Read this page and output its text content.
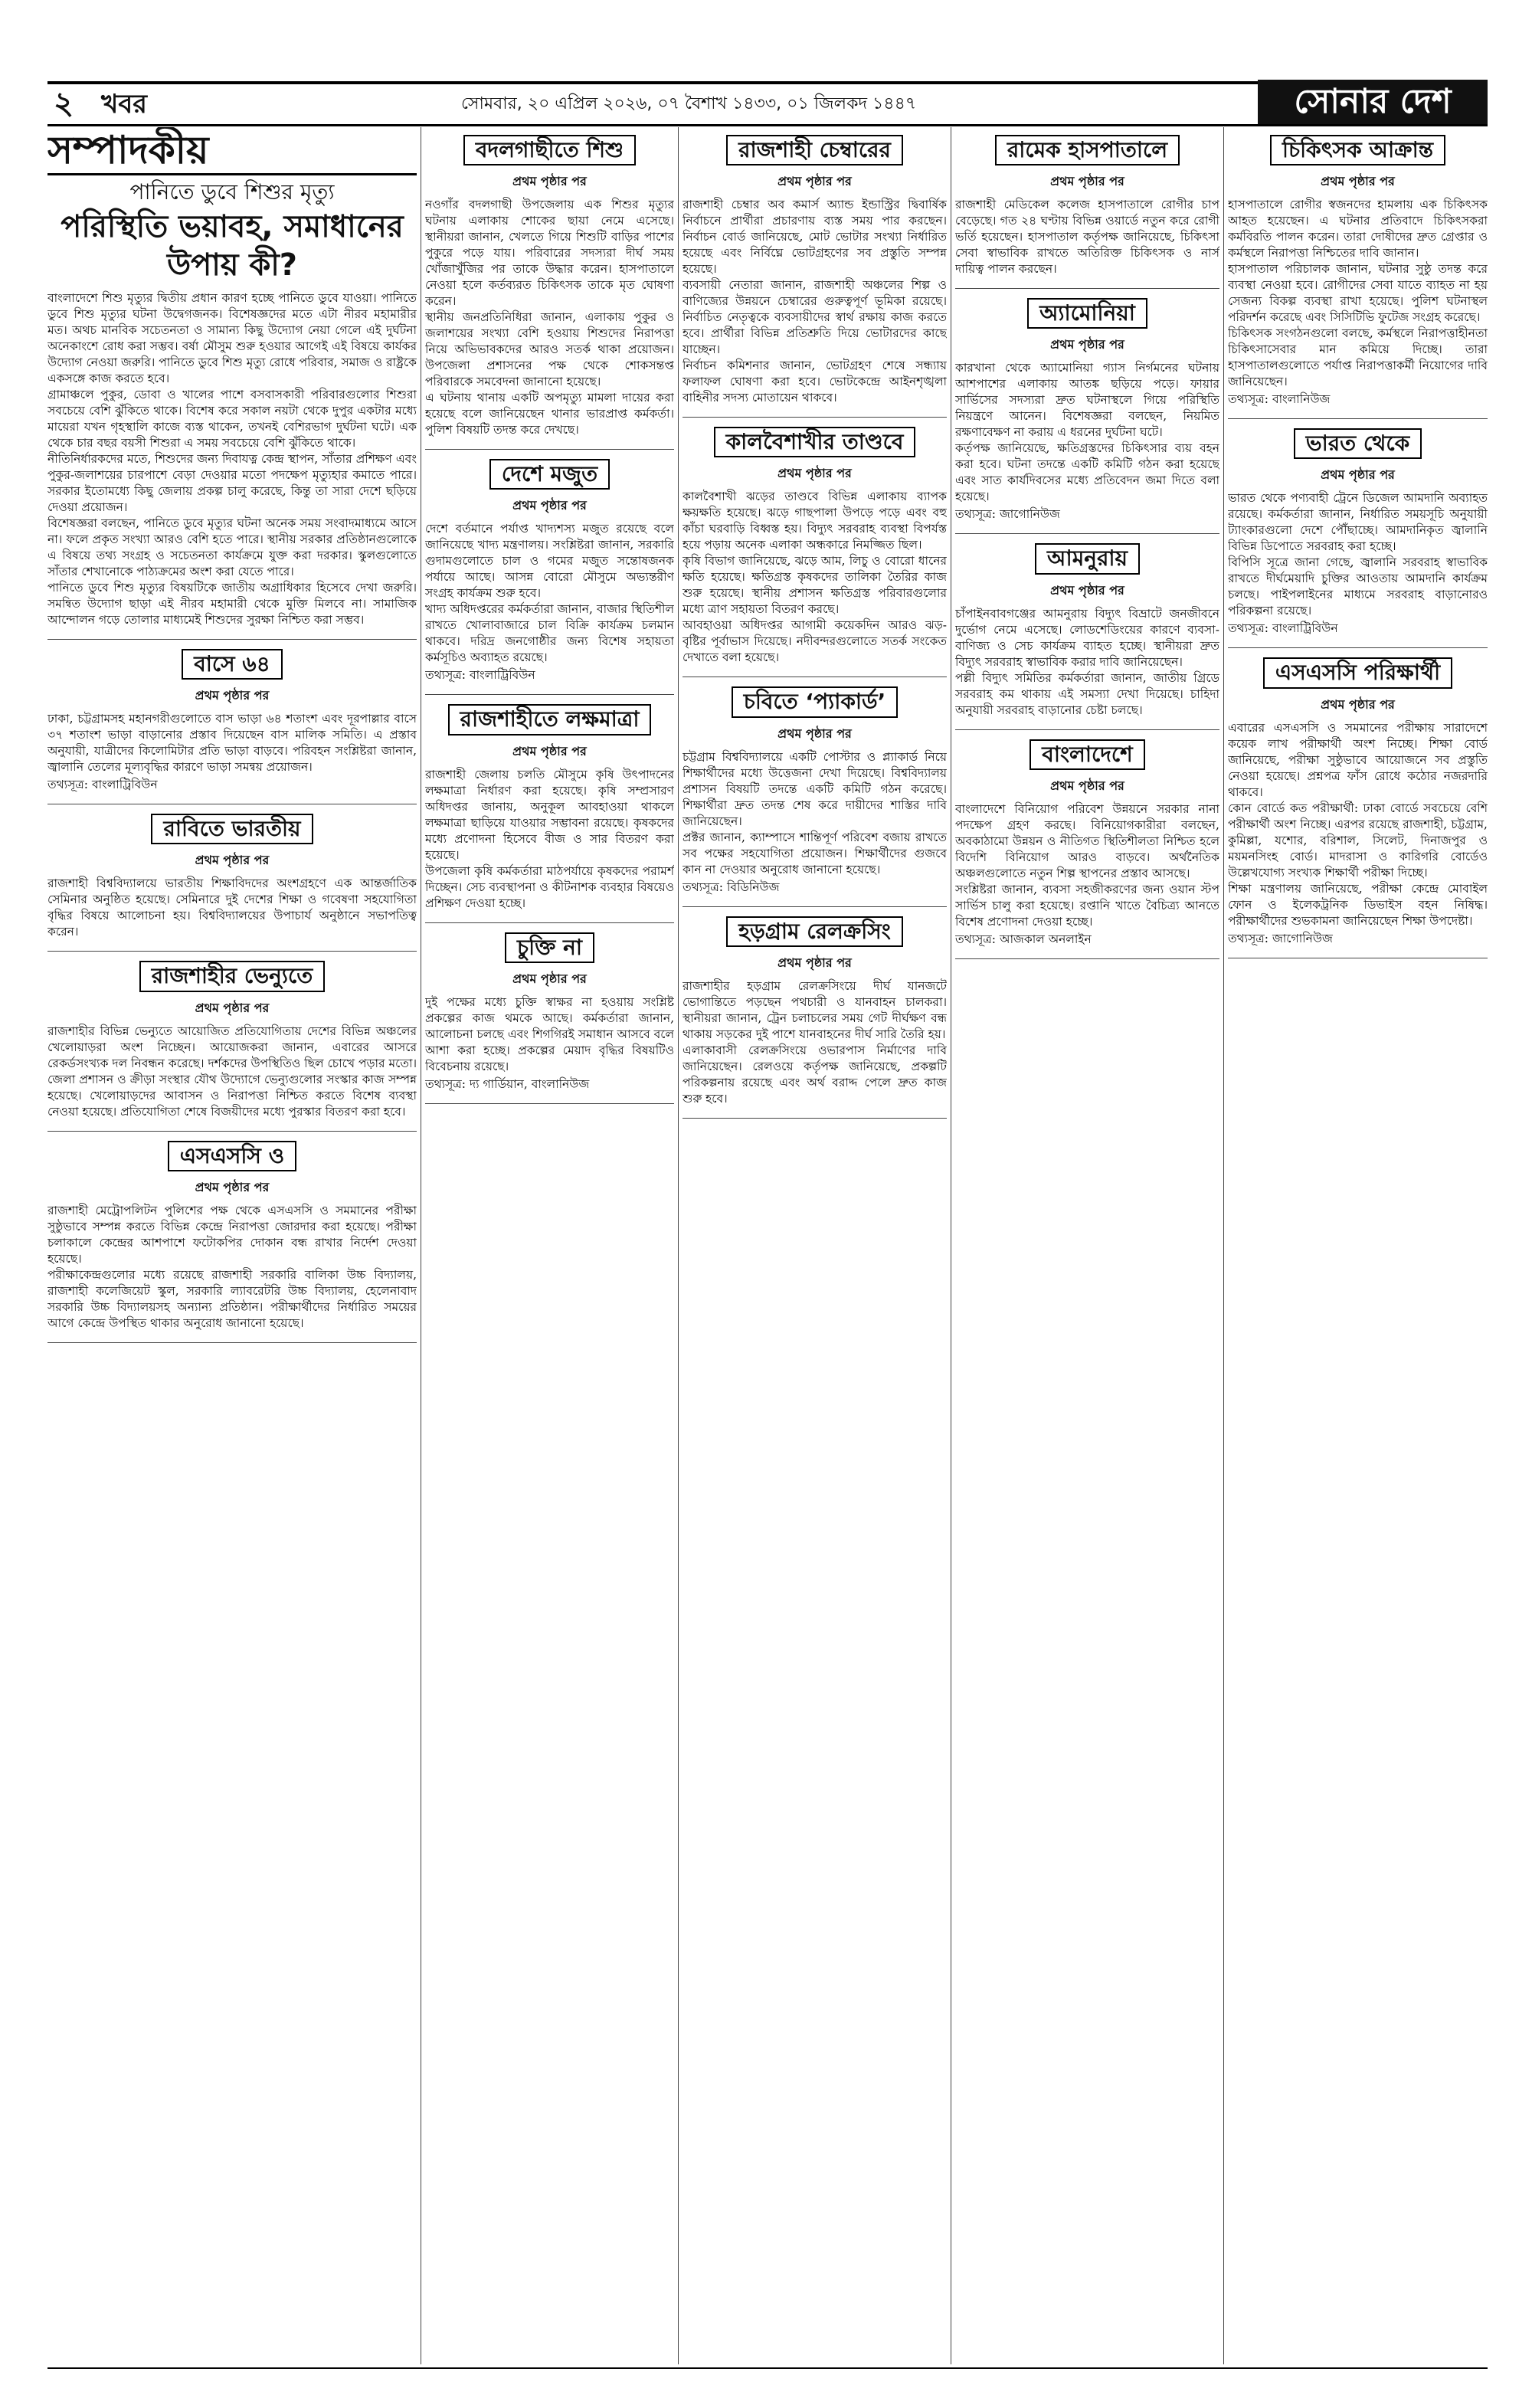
২ খবর	সোমবার, ২০ এপ্রিল ২০২৬, ০৭ বৈশাখ ১৪৩৩, ০১ জিলকদ ১৪৪৭	সোনার দেশ
সম্পাদকীয়
পানিতে ডুবে শিশুর মৃত্যু
পরিস্থিতি ভয়াবহ, সমাধানের উপায় কী?

বাংলাদেশে শিশু মৃত্যুর দ্বিতীয় প্রধান কারণ হচ্ছে পানিতে ডুবে যাওয়া। পানিতে ডুবে শিশু মৃত্যুর ঘটনা উদ্বেগজনক। বিশেষজ্ঞদের মতে এটা নীরব মহামারীর মত। অথচ মানবিক সচেতনতা ও সামান্য কিছু উদ্যোগ নেয়া গেলে এই দুর্ঘটনা অনেকাংশে রোধ করা সম্ভব। বর্ষা মৌসুম শুরু হওয়ার আগেই এই বিষয়ে কার্যকর উদ্যোগ নেওয়া জরুরি। পানিতে ডুবে শিশু মৃত্যু রোধে পরিবার, সমাজ ও রাষ্ট্রকে একসঙ্গে কাজ করতে হবে।

গ্রামাঞ্চলে পুকুর, ডোবা ও খালের পাশে বসবাসকারী পরিবারগুলোর শিশুরা সবচেয়ে বেশি ঝুঁকিতে থাকে। বিশেষ করে সকাল নয়টা থেকে দুপুর একটার মধ্যে মায়েরা যখন গৃহস্থালি কাজে ব্যস্ত থাকেন, তখনই বেশিরভাগ দুর্ঘটনা ঘটে। এক থেকে চার বছর বয়সী শিশুরা এ সময় সবচেয়ে বেশি ঝুঁকিতে থাকে।

নীতিনির্ধারকদের মতে, শিশুদের জন্য দিবাযত্ন কেন্দ্র স্থাপন, সাঁতার প্রশিক্ষণ এবং পুকুর-জলাশয়ের চারপাশে বেড়া দেওয়ার মতো পদক্ষেপ মৃত্যুহার কমাতে পারে। সরকার ইতোমধ্যে কিছু জেলায় প্রকল্প চালু করেছে, কিন্তু তা সারা দেশে ছড়িয়ে দেওয়া প্রয়োজন।

বিশেষজ্ঞরা বলছেন, পানিতে ডুবে মৃত্যুর ঘটনা অনেক সময় সংবাদমাধ্যমে আসে না। ফলে প্রকৃত সংখ্যা আরও বেশি হতে পারে। স্থানীয় সরকার প্রতিষ্ঠানগুলোকে এ বিষয়ে তথ্য সংগ্রহ ও সচেতনতা কার্যক্রমে যুক্ত করা দরকার। স্কুলগুলোতে সাঁতার শেখানোকে পাঠ্যক্রমের অংশ করা যেতে পারে।

পানিতে ডুবে শিশু মৃত্যুর বিষয়টিকে জাতীয় অগ্রাধিকার হিসেবে দেখা জরুরি। সমন্বিত উদ্যোগ ছাড়া এই নীরব মহামারী থেকে মুক্তি মিলবে না। সামাজিক আন্দোলন গড়ে তোলার মাধ্যমেই শিশুদের সুরক্ষা নিশ্চিত করা সম্ভব।

বাসে ৬৪
প্রথম পৃষ্ঠার পর

ঢাকা, চট্টগ্রামসহ মহানগরীগুলোতে বাস ভাড়া ৬৪ শতাংশ এবং দূরপাল্লার বাসে ৩৭ শতাংশ ভাড়া বাড়ানোর প্রস্তাব দিয়েছেন বাস মালিক সমিতি। এ প্রস্তাব অনুযায়ী, যাত্রীদের কিলোমিটার প্রতি ভাড়া বাড়বে। পরিবহন সংশ্লিষ্টরা জানান, জ্বালানি তেলের মূল্যবৃদ্ধির কারণে ভাড়া সমন্বয় প্রয়োজন।

তথ্যসূত্র: বাংলাট্রিবিউন

রাবিতে ভারতীয়
প্রথম পৃষ্ঠার পর

রাজশাহী বিশ্ববিদ্যালয়ে ভারতীয় শিক্ষাবিদদের অংশগ্রহণে এক আন্তর্জাতিক সেমিনার অনুষ্ঠিত হয়েছে। সেমিনারে দুই দেশের শিক্ষা ও গবেষণা সহযোগিতা বৃদ্ধির বিষয়ে আলোচনা হয়। বিশ্ববিদ্যালয়ের উপাচার্য অনুষ্ঠানে সভাপতিত্ব করেন।

রাজশাহীর ভেন্যুতে
প্রথম পৃষ্ঠার পর

রাজশাহীর বিভিন্ন ভেন্যুতে আয়োজিত প্রতিযোগিতায় দেশের বিভিন্ন অঞ্চলের খেলোয়াড়রা অংশ নিচ্ছেন। আয়োজকরা জানান, এবারের আসরে রেকর্ডসংখ্যক দল নিবন্ধন করেছে। দর্শকদের উপস্থিতিও ছিল চোখে পড়ার মতো।

জেলা প্রশাসন ও ক্রীড়া সংস্থার যৌথ উদ্যোগে ভেন্যুগুলোর সংস্কার কাজ সম্পন্ন হয়েছে। খেলোয়াড়দের আবাসন ও নিরাপত্তা নিশ্চিত করতে বিশেষ ব্যবস্থা নেওয়া হয়েছে। প্রতিযোগিতা শেষে বিজয়ীদের মধ্যে পুরস্কার বিতরণ করা হবে।

এসএসসি ও
প্রথম পৃষ্ঠার পর

রাজশাহী মেট্রোপলিটন পুলিশের পক্ষ থেকে এসএসসি ও সমমানের পরীক্ষা সুষ্ঠুভাবে সম্পন্ন করতে বিভিন্ন কেন্দ্রে নিরাপত্তা জোরদার করা হয়েছে। পরীক্ষা চলাকালে কেন্দ্রের আশপাশে ফটোকপির দোকান বন্ধ রাখার নির্দেশ দেওয়া হয়েছে।

পরীক্ষাকেন্দ্রগুলোর মধ্যে রয়েছে রাজশাহী সরকারি বালিকা উচ্চ বিদ্যালয়, রাজশাহী কলেজিয়েট স্কুল, সরকারি ল্যাবরেটরি উচ্চ বিদ্যালয়, হেলেনাবাদ সরকারি উচ্চ বিদ্যালয়সহ অন্যান্য প্রতিষ্ঠান। পরীক্ষার্থীদের নির্ধারিত সময়ের আগে কেন্দ্রে উপস্থিত থাকার অনুরোধ জানানো হয়েছে।

বদলগাছীতে শিশু
প্রথম পৃষ্ঠার পর

নওগাঁর বদলগাছী উপজেলায় এক শিশুর মৃত্যুর ঘটনায় এলাকায় শোকের ছায়া নেমে এসেছে। স্থানীয়রা জানান, খেলতে গিয়ে শিশুটি বাড়ির পাশের পুকুরে পড়ে যায়। পরিবারের সদস্যরা দীর্ঘ সময় খোঁজাখুঁজির পর তাকে উদ্ধার করেন। হাসপাতালে নেওয়া হলে কর্তব্যরত চিকিৎসক তাকে মৃত ঘোষণা করেন।

স্থানীয় জনপ্রতিনিধিরা জানান, এলাকায় পুকুর ও জলাশয়ের সংখ্যা বেশি হওয়ায় শিশুদের নিরাপত্তা নিয়ে অভিভাবকদের আরও সতর্ক থাকা প্রয়োজন। উপজেলা প্রশাসনের পক্ষ থেকে শোকসন্তপ্ত পরিবারকে সমবেদনা জানানো হয়েছে।

এ ঘটনায় থানায় একটি অপমৃত্যু মামলা দায়ের করা হয়েছে বলে জানিয়েছেন থানার ভারপ্রাপ্ত কর্মকর্তা। পুলিশ বিষয়টি তদন্ত করে দেখছে।

দেশে মজুত
প্রথম পৃষ্ঠার পর

দেশে বর্তমানে পর্যাপ্ত খাদ্যশস্য মজুত রয়েছে বলে জানিয়েছে খাদ্য মন্ত্রণালয়। সংশ্লিষ্টরা জানান, সরকারি গুদামগুলোতে চাল ও গমের মজুত সন্তোষজনক পর্যায়ে আছে। আসন্ন বোরো মৌসুমে অভ্যন্তরীণ সংগ্রহ কার্যক্রম শুরু হবে।

খাদ্য অধিদপ্তরের কর্মকর্তারা জানান, বাজার স্থিতিশীল রাখতে খোলাবাজারে চাল বিক্রি কার্যক্রম চলমান থাকবে। দরিদ্র জনগোষ্ঠীর জন্য বিশেষ সহায়তা কর্মসূচিও অব্যাহত রয়েছে।

তথ্যসূত্র: বাংলাট্রিবিউন

রাজশাহীতে লক্ষমাত্রা
প্রথম পৃষ্ঠার পর

রাজশাহী জেলায় চলতি মৌসুমে কৃষি উৎপাদনের লক্ষমাত্রা নির্ধারণ করা হয়েছে। কৃষি সম্প্রসারণ অধিদপ্তর জানায়, অনুকূল আবহাওয়া থাকলে লক্ষমাত্রা ছাড়িয়ে যাওয়ার সম্ভাবনা রয়েছে। কৃষকদের মধ্যে প্রণোদনা হিসেবে বীজ ও সার বিতরণ করা হয়েছে।

উপজেলা কৃষি কর্মকর্তারা মাঠপর্যায়ে কৃষকদের পরামর্শ দিচ্ছেন। সেচ ব্যবস্থাপনা ও কীটনাশক ব্যবহার বিষয়েও প্রশিক্ষণ দেওয়া হচ্ছে।

চুক্তি না
প্রথম পৃষ্ঠার পর

দুই পক্ষের মধ্যে চুক্তি স্বাক্ষর না হওয়ায় সংশ্লিষ্ট প্রকল্পের কাজ থমকে আছে। কর্মকর্তারা জানান, আলোচনা চলছে এবং শিগগিরই সমাধান আসবে বলে আশা করা হচ্ছে। প্রকল্পের মেয়াদ বৃদ্ধির বিষয়টিও বিবেচনায় রয়েছে।

তথ্যসূত্র: দ্য গার্ডিয়ান, বাংলানিউজ

রাজশাহী চেম্বারের
প্রথম পৃষ্ঠার পর

রাজশাহী চেম্বার অব কমার্স অ্যান্ড ইন্ডাস্ট্রির দ্বিবার্ষিক নির্বাচনে প্রার্থীরা প্রচারণায় ব্যস্ত সময় পার করছেন। নির্বাচন বোর্ড জানিয়েছে, মোট ভোটার সংখ্যা নির্ধারিত হয়েছে এবং নির্বিঘ্নে ভোটগ্রহণের সব প্রস্তুতি সম্পন্ন হয়েছে।

ব্যবসায়ী নেতারা জানান, রাজশাহী অঞ্চলের শিল্প ও বাণিজ্যের উন্নয়নে চেম্বারের গুরুত্বপূর্ণ ভূমিকা রয়েছে। নির্বাচিত নেতৃত্বকে ব্যবসায়ীদের স্বার্থ রক্ষায় কাজ করতে হবে। প্রার্থীরা বিভিন্ন প্রতিশ্রুতি দিয়ে ভোটারদের কাছে যাচ্ছেন।

নির্বাচন কমিশনার জানান, ভোটগ্রহণ শেষে সন্ধ্যায় ফলাফল ঘোষণা করা হবে। ভোটকেন্দ্রে আইনশৃঙ্খলা বাহিনীর সদস্য মোতায়েন থাকবে।

কালবৈশাখীর তাণ্ডবে
প্রথম পৃষ্ঠার পর

কালবৈশাখী ঝড়ের তাণ্ডবে বিভিন্ন এলাকায় ব্যাপক ক্ষয়ক্ষতি হয়েছে। ঝড়ে গাছপালা উপড়ে পড়ে এবং বহু কাঁচা ঘরবাড়ি বিধ্বস্ত হয়। বিদ্যুৎ সরবরাহ ব্যবস্থা বিপর্যস্ত হয়ে পড়ায় অনেক এলাকা অন্ধকারে নিমজ্জিত ছিল।

কৃষি বিভাগ জানিয়েছে, ঝড়ে আম, লিচু ও বোরো ধানের ক্ষতি হয়েছে। ক্ষতিগ্রস্ত কৃষকদের তালিকা তৈরির কাজ শুরু হয়েছে। স্থানীয় প্রশাসন ক্ষতিগ্রস্ত পরিবারগুলোর মধ্যে ত্রাণ সহায়তা বিতরণ করছে।

আবহাওয়া অধিদপ্তর আগামী কয়েকদিন আরও ঝড়-বৃষ্টির পূর্বাভাস দিয়েছে। নদীবন্দরগুলোতে সতর্ক সংকেত দেখাতে বলা হয়েছে।

চবিতে ‘প্যাকার্ড’
প্রথম পৃষ্ঠার পর

চট্টগ্রাম বিশ্ববিদ্যালয়ে একটি পোস্টার ও প্ল্যাকার্ড নিয়ে শিক্ষার্থীদের মধ্যে উত্তেজনা দেখা দিয়েছে। বিশ্ববিদ্যালয় প্রশাসন বিষয়টি তদন্তে একটি কমিটি গঠন করেছে। শিক্ষার্থীরা দ্রুত তদন্ত শেষ করে দায়ীদের শাস্তির দাবি জানিয়েছেন।

প্রক্টর জানান, ক্যাম্পাসে শান্তিপূর্ণ পরিবেশ বজায় রাখতে সব পক্ষের সহযোগিতা প্রয়োজন। শিক্ষার্থীদের গুজবে কান না দেওয়ার অনুরোধ জানানো হয়েছে।

তথ্যসূত্র: বিডিনিউজ

হড়গ্রাম রেলক্রসিং
প্রথম পৃষ্ঠার পর

রাজশাহীর হড়গ্রাম রেলক্রসিংয়ে দীর্ঘ যানজটে ভোগান্তিতে পড়ছেন পথচারী ও যানবাহন চালকরা। স্থানীয়রা জানান, ট্রেন চলাচলের সময় গেট দীর্ঘক্ষণ বন্ধ থাকায় সড়কের দুই পাশে যানবাহনের দীর্ঘ সারি তৈরি হয়।

এলাকাবাসী রেলক্রসিংয়ে ওভারপাস নির্মাণের দাবি জানিয়েছেন। রেলওয়ে কর্তৃপক্ষ জানিয়েছে, প্রকল্পটি পরিকল্পনায় রয়েছে এবং অর্থ বরাদ্দ পেলে দ্রুত কাজ শুরু হবে।

রামেক হাসপাতালে
প্রথম পৃষ্ঠার পর

রাজশাহী মেডিকেল কলেজ হাসপাতালে রোগীর চাপ বেড়েছে। গত ২৪ ঘণ্টায় বিভিন্ন ওয়ার্ডে নতুন করে রোগী ভর্তি হয়েছেন। হাসপাতাল কর্তৃপক্ষ জানিয়েছে, চিকিৎসা সেবা স্বাভাবিক রাখতে অতিরিক্ত চিকিৎসক ও নার্স দায়িত্ব পালন করছেন।

অ্যামোনিয়া
প্রথম পৃষ্ঠার পর

কারখানা থেকে অ্যামোনিয়া গ্যাস নির্গমনের ঘটনায় আশপাশের এলাকায় আতঙ্ক ছড়িয়ে পড়ে। ফায়ার সার্ভিসের সদস্যরা দ্রুত ঘটনাস্থলে গিয়ে পরিস্থিতি নিয়ন্ত্রণে আনেন। বিশেষজ্ঞরা বলছেন, নিয়মিত রক্ষণাবেক্ষণ না করায় এ ধরনের দুর্ঘটনা ঘটে।

কর্তৃপক্ষ জানিয়েছে, ক্ষতিগ্রস্তদের চিকিৎসার ব্যয় বহন করা হবে। ঘটনা তদন্তে একটি কমিটি গঠন করা হয়েছে এবং সাত কার্যদিবসের মধ্যে প্রতিবেদন জমা দিতে বলা হয়েছে।

তথ্যসূত্র: জাগোনিউজ

আমনুরায়
প্রথম পৃষ্ঠার পর

চাঁপাইনবাবগঞ্জের আমনুরায় বিদ্যুৎ বিভ্রাটে জনজীবনে দুর্ভোগ নেমে এসেছে। লোডশেডিংয়ের কারণে ব্যবসা-বাণিজ্য ও সেচ কার্যক্রম ব্যাহত হচ্ছে। স্থানীয়রা দ্রুত বিদ্যুৎ সরবরাহ স্বাভাবিক করার দাবি জানিয়েছেন।

পল্লী বিদ্যুৎ সমিতির কর্মকর্তারা জানান, জাতীয় গ্রিডে সরবরাহ কম থাকায় এই সমস্যা দেখা দিয়েছে। চাহিদা অনুযায়ী সরবরাহ বাড়ানোর চেষ্টা চলছে।

বাংলাদেশে
প্রথম পৃষ্ঠার পর

বাংলাদেশে বিনিয়োগ পরিবেশ উন্নয়নে সরকার নানা পদক্ষেপ গ্রহণ করছে। বিনিয়োগকারীরা বলছেন, অবকাঠামো উন্নয়ন ও নীতিগত স্থিতিশীলতা নিশ্চিত হলে বিদেশি বিনিয়োগ আরও বাড়বে। অর্থনৈতিক অঞ্চলগুলোতে নতুন শিল্প স্থাপনের প্রস্তাব আসছে।

সংশ্লিষ্টরা জানান, ব্যবসা সহজীকরণের জন্য ওয়ান স্টপ সার্ভিস চালু করা হয়েছে। রপ্তানি খাতে বৈচিত্র্য আনতে বিশেষ প্রণোদনা দেওয়া হচ্ছে।

তথ্যসূত্র: আজকাল অনলাইন

চিকিৎসক আক্রান্ত
প্রথম পৃষ্ঠার পর

হাসপাতালে রোগীর স্বজনদের হামলায় এক চিকিৎসক আহত হয়েছেন। এ ঘটনার প্রতিবাদে চিকিৎসকরা কর্মবিরতি পালন করেন। তারা দোষীদের দ্রুত গ্রেপ্তার ও কর্মস্থলে নিরাপত্তা নিশ্চিতের দাবি জানান।

হাসপাতাল পরিচালক জানান, ঘটনার সুষ্ঠু তদন্ত করে ব্যবস্থা নেওয়া হবে। রোগীদের সেবা যাতে ব্যাহত না হয় সেজন্য বিকল্প ব্যবস্থা রাখা হয়েছে। পুলিশ ঘটনাস্থল পরিদর্শন করেছে এবং সিসিটিভি ফুটেজ সংগ্রহ করেছে।

চিকিৎসক সংগঠনগুলো বলছে, কর্মস্থলে নিরাপত্তাহীনতা চিকিৎসাসেবার মান কমিয়ে দিচ্ছে। তারা হাসপাতালগুলোতে পর্যাপ্ত নিরাপত্তাকর্মী নিয়োগের দাবি জানিয়েছেন।

তথ্যসূত্র: বাংলানিউজ

ভারত থেকে
প্রথম পৃষ্ঠার পর

ভারত থেকে পণ্যবাহী ট্রেনে ডিজেল আমদানি অব্যাহত রয়েছে। কর্মকর্তারা জানান, নির্ধারিত সময়সূচি অনুযায়ী ট্যাংকারগুলো দেশে পৌঁছাচ্ছে। আমদানিকৃত জ্বালানি বিভিন্ন ডিপোতে সরবরাহ করা হচ্ছে।

বিপিসি সূত্রে জানা গেছে, জ্বালানি সরবরাহ স্বাভাবিক রাখতে দীর্ঘমেয়াদি চুক্তির আওতায় আমদানি কার্যক্রম চলছে। পাইপলাইনের মাধ্যমে সরবরাহ বাড়ানোরও পরিকল্পনা রয়েছে।

তথ্যসূত্র: বাংলাট্রিবিউন

এসএসসি পরিক্ষার্থী
প্রথম পৃষ্ঠার পর

এবারের এসএসসি ও সমমানের পরীক্ষায় সারাদেশে কয়েক লাখ পরীক্ষার্থী অংশ নিচ্ছে। শিক্ষা বোর্ড জানিয়েছে, পরীক্ষা সুষ্ঠুভাবে আয়োজনে সব প্রস্তুতি নেওয়া হয়েছে। প্রশ্নপত্র ফাঁস রোধে কঠোর নজরদারি থাকবে।

কোন বোর্ডে কত পরীক্ষার্থী: ঢাকা বোর্ডে সবচেয়ে বেশি পরীক্ষার্থী অংশ নিচ্ছে। এরপর রয়েছে রাজশাহী, চট্টগ্রাম, কুমিল্লা, যশোর, বরিশাল, সিলেট, দিনাজপুর ও ময়মনসিংহ বোর্ড। মাদরাসা ও কারিগরি বোর্ডেও উল্লেখযোগ্য সংখ্যক শিক্ষার্থী পরীক্ষা দিচ্ছে।

শিক্ষা মন্ত্রণালয় জানিয়েছে, পরীক্ষা কেন্দ্রে মোবাইল ফোন ও ইলেকট্রনিক ডিভাইস বহন নিষিদ্ধ। পরীক্ষার্থীদের শুভকামনা জানিয়েছেন শিক্ষা উপদেষ্টা।

তথ্যসূত্র: জাগোনিউজ
